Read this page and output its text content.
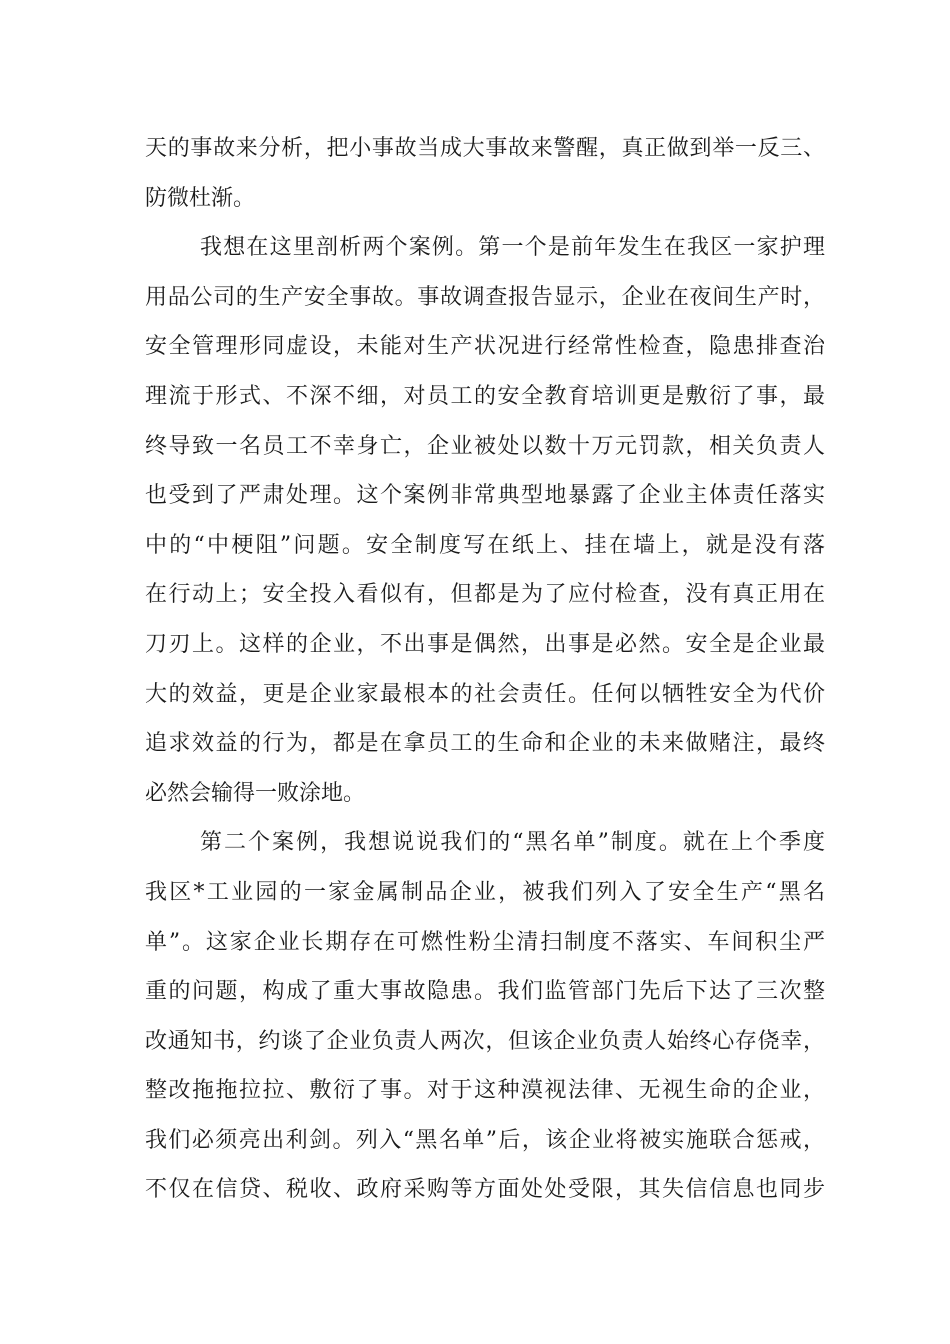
天的事故来分析，把小事故当成大事故来警醒，真正做到举一反三、
防微杜渐。
我想在这里剖析两个案例。第一个是前年发生在我区一家护理
用品公司的生产安全事故。事故调查报告显示，企业在夜间生产时，
安全管理形同虚设，未能对生产状况进行经常性检查，隐患排查治
理流于形式、不深不细，对员工的安全教育培训更是敷衍了事，最
终导致一名员工不幸身亡，企业被处以数十万元罚款，相关负责人
也受到了严肃处理。这个案例非常典型地暴露了企业主体责任落实
中的“中梗阻”问题。安全制度写在纸上、挂在墙上，就是没有落
在行动上；安全投入看似有，但都是为了应付检查，没有真正用在
刀刃上。这样的企业，不出事是偶然，出事是必然。安全是企业最
大的效益，更是企业家最根本的社会责任。任何以牺牲安全为代价
追求效益的行为，都是在拿员工的生命和企业的未来做赌注，最终
必然会输得一败涂地。
第二个案例，我想说说我们的“黑名单”制度。就在上个季度
我区*工业园的一家金属制品企业，被我们列入了安全生产“黑名
单”。这家企业长期存在可燃性粉尘清扫制度不落实、车间积尘严
重的问题，构成了重大事故隐患。我们监管部门先后下达了三次整
改通知书，约谈了企业负责人两次，但该企业负责人始终心存侥幸，
整改拖拖拉拉、敷衍了事。对于这种漠视法律、无视生命的企业，
我们必须亮出利剑。列入“黑名单”后，该企业将被实施联合惩戒，
不仅在信贷、税收、政府采购等方面处处受限，其失信信息也同步
